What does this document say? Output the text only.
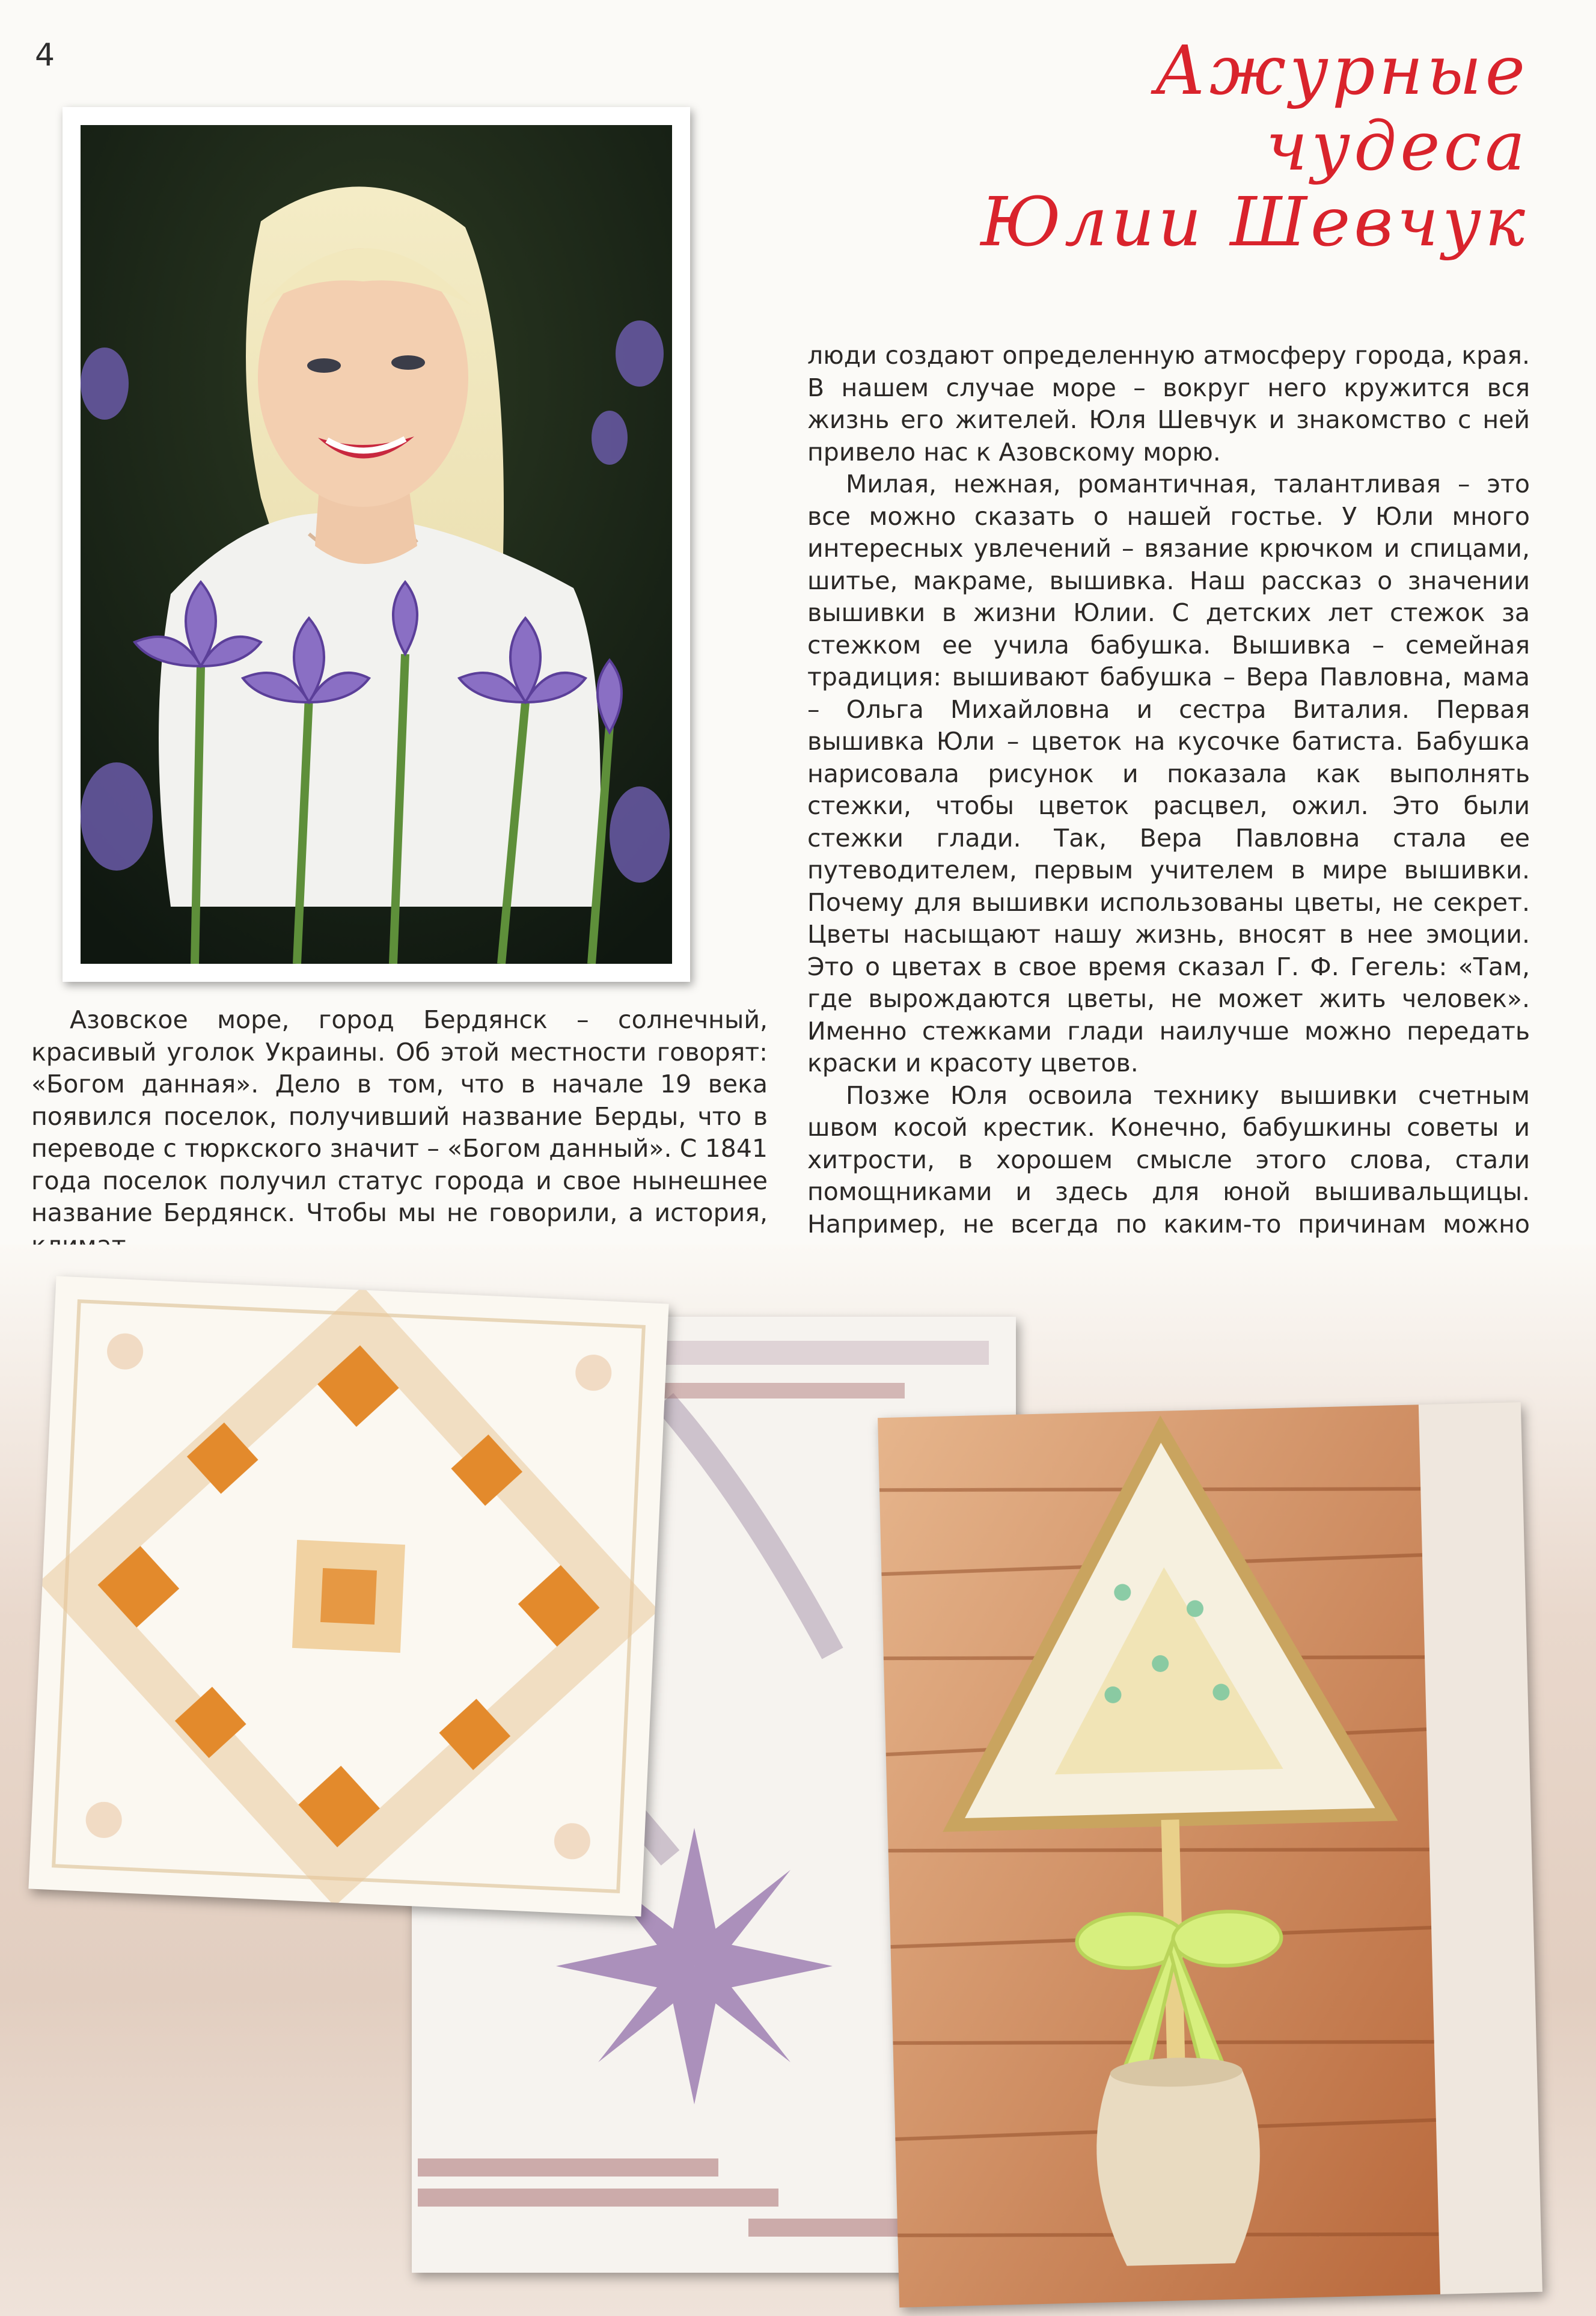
4	Ажурные
чудеса
Юлии Шевчук

люди создают определенную атмосферу города, края. В нашем случае море – вокруг него кружится вся жизнь его жителей. Юля Шевчук и знакомство с ней привело нас к Азовскому морю.

Милая, нежная, романтичная, талантливая – это все можно сказать о нашей гостье. У Юли много интересных увлечений – вязание крючком и спицами, шитье, макраме, вышивка. Наш рассказ о значении вышивки в жизни Юлии. С детских лет стежок за стежком ее учила бабушка. Вышивка – семейная традиция: вышивают бабушка – Вера Павловна, мама – Ольга Михайловна и сестра Виталия. Первая вышивка Юли – цветок на кусочке батиста. Бабушка нарисовала рисунок и показала как выполнять стежки, чтобы цветок расцвел, ожил. Это были стежки глади. Так, Вера Павловна стала ее путеводителем, первым учителем в мире вышивки. Почему для вышивки использованы цветы, не секрет. Цветы насыщают нашу жизнь, вносят в нее эмоции. Это о цветах в свое время сказал Г. Ф. Гегель: «Там, где вырождаются цветы, не может жить человек». Именно стежками глади наилучше можно передать краски и красоту цветов.

Позже Юля освоила технику вышивки счетным швом косой крестик. Конечно, бабушкины советы и хитрости, в хорошем смысле этого слова, стали помощниками и здесь для юной вышивальщицы. Например, не всегда по каким-то причинам можно

Азовское море, город Бердянск – солнечный, красивый уголок Украины. Об этой местности говорят: «Богом данная». Дело в том, что в начале 19 века появился поселок, получивший название Берды, что в переводе с тюркского значит – «Богом данный». С 1841 года поселок получил статус города и свое нынешнее название Бердянск. Чтобы мы не говорили, а история,
